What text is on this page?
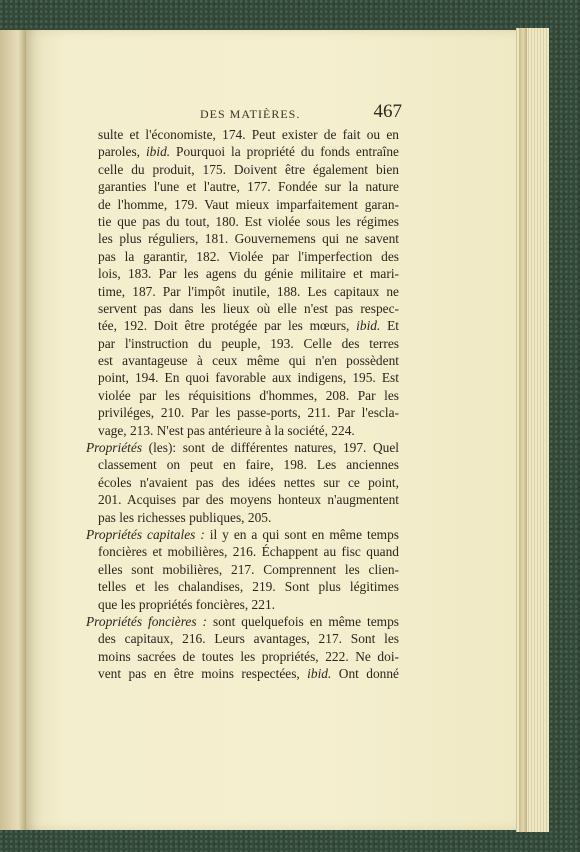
DES MATIÈRES.	467
sulte et l'économiste, 174. Peut exister de fait ou en
paroles, ibid. Pourquoi la propriété du fonds entraîne
celle du produit, 175. Doivent être également bien
garanties l'une et l'autre, 177. Fondée sur la nature
de l'homme, 179. Vaut mieux imparfaitement garan-
tie que pas du tout, 180. Est violée sous les régimes
les plus réguliers, 181. Gouvernemens qui ne savent
pas la garantir, 182. Violée par l'imperfection des
lois, 183. Par les agens du génie militaire et mari-
time, 187. Par l'impôt inutile, 188. Les capitaux ne
servent pas dans les lieux où elle n'est pas respec-
tée, 192. Doit être protégée par les mœurs, ibid. Et
par l'instruction du peuple, 193. Celle des terres
est avantageuse à ceux même qui n'en possèdent
point, 194. En quoi favorable aux indigens, 195. Est
violée par les réquisitions d'hommes, 208. Par les
priviléges, 210. Par les passe-ports, 211. Par l'escla-
vage, 213. N'est pas antérieure à la société, 224.
Propriétés (les): sont de différentes natures, 197. Quel
classement on peut en faire, 198. Les anciennes
écoles n'avaient pas des idées nettes sur ce point,
201. Acquises par des moyens honteux n'augmentent
pas les richesses publiques, 205.
Propriétés capitales : il y en a qui sont en même temps
foncières et mobilières, 216. Échappent au fisc quand
elles sont mobilières, 217. Comprennent les clien-
telles et les chalandises, 219. Sont plus légitimes
que les propriétés foncières, 221.
Propriétés foncières : sont quelquefois en même temps
des capitaux, 216. Leurs avantages, 217. Sont les
moins sacrées de toutes les propriétés, 222. Ne doi-
vent pas en être moins respectées, ibid. Ont donné
